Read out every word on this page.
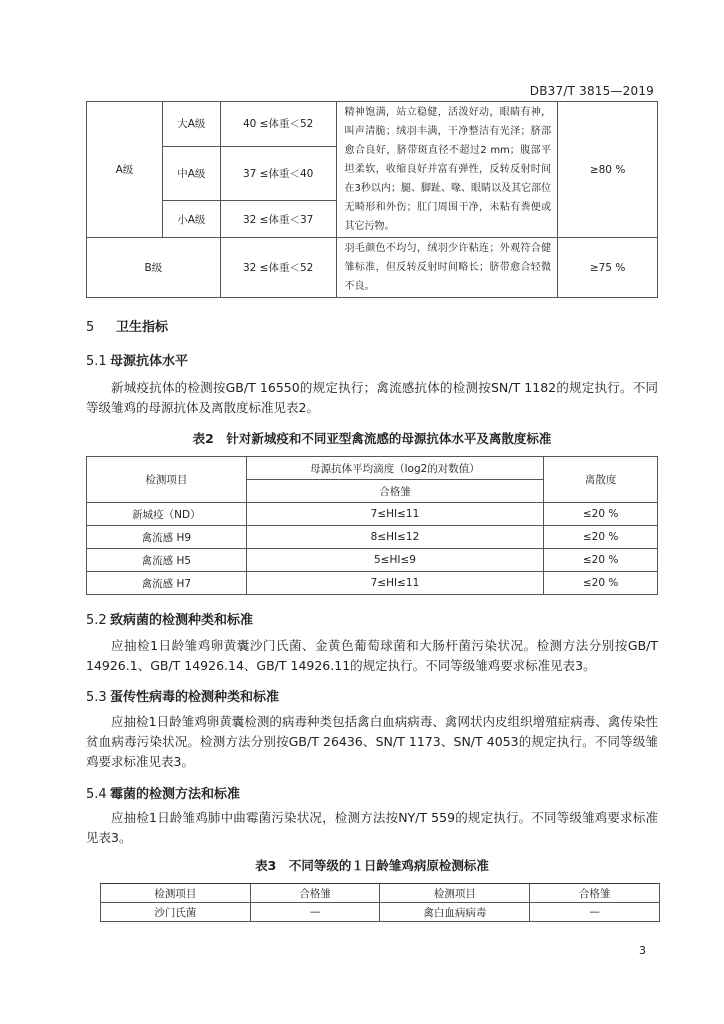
DB37/T 3815—2019
A级	大A级	40 ≤体重＜52	精神饱满，站立稳健，活泼好动，眼睛有神，叫声清脆；绒羽丰满，干净整洁有光泽；脐部愈合良好，脐带斑直径不超过2 mm；腹部平坦柔软，收缩良好并富有弹性，反转反射时间在3秒以内；腿、脚趾、喙、眼睛以及其它部位无畸形和外伤；肛门周围干净，未粘有粪便或其它污物。	≥80 %
	中A级	37 ≤体重＜40		
	小A级	32 ≤体重＜37		
B级		32 ≤体重＜52	羽毛颜色不均匀，绒羽少许粘连；外观符合健雏标准，但反转反射时间略长；脐带愈合轻微不良。	≥75 %
5 卫生指标
5.1 母源抗体水平
新城疫抗体的检测按GB/T 16550的规定执行；禽流感抗体的检测按SN/T 1182的规定执行。不同等级雏鸡的母源抗体及离散度标准见表2。
表2　针对新城疫和不同亚型禽流感的母源抗体水平及离散度标准
检测项目	母源抗体平均滴度（log2的对数值）	离散度
	合格雏	
新城疫（ND）	7≤HI≤11	≤20 %
禽流感 H9	8≤HI≤12	≤20 %
禽流感 H5	5≤HI≤9	≤20 %
禽流感 H7	7≤HI≤11	≤20 %
5.2 致病菌的检测种类和标准
应抽检1日龄雏鸡卵黄囊沙门氏菌、金黄色葡萄球菌和大肠杆菌污染状况。检测方法分别按GB/T 14926.1、GB/T 14926.14、GB/T 14926.11的规定执行。不同等级雏鸡要求标准见表3。
5.3 蛋传性病毒的检测种类和标准
应抽检1日龄雏鸡卵黄囊检测的病毒种类包括禽白血病病毒、禽网状内皮组织增殖症病毒、禽传染性贫血病毒污染状况。检测方法分别按GB/T 26436、SN/T 1173、SN/T 4053的规定执行。不同等级雏鸡要求标准见表3。
5.4 霉菌的检测方法和标准
应抽检1日龄雏鸡肺中曲霉菌污染状况，检测方法按NY/T 559的规定执行。不同等级雏鸡要求标准见表3。
表3　不同等级的１日龄雏鸡病原检测标准
检测项目	合格雏	检测项目	合格雏
沙门氏菌	—	禽白血病病毒	—
3
